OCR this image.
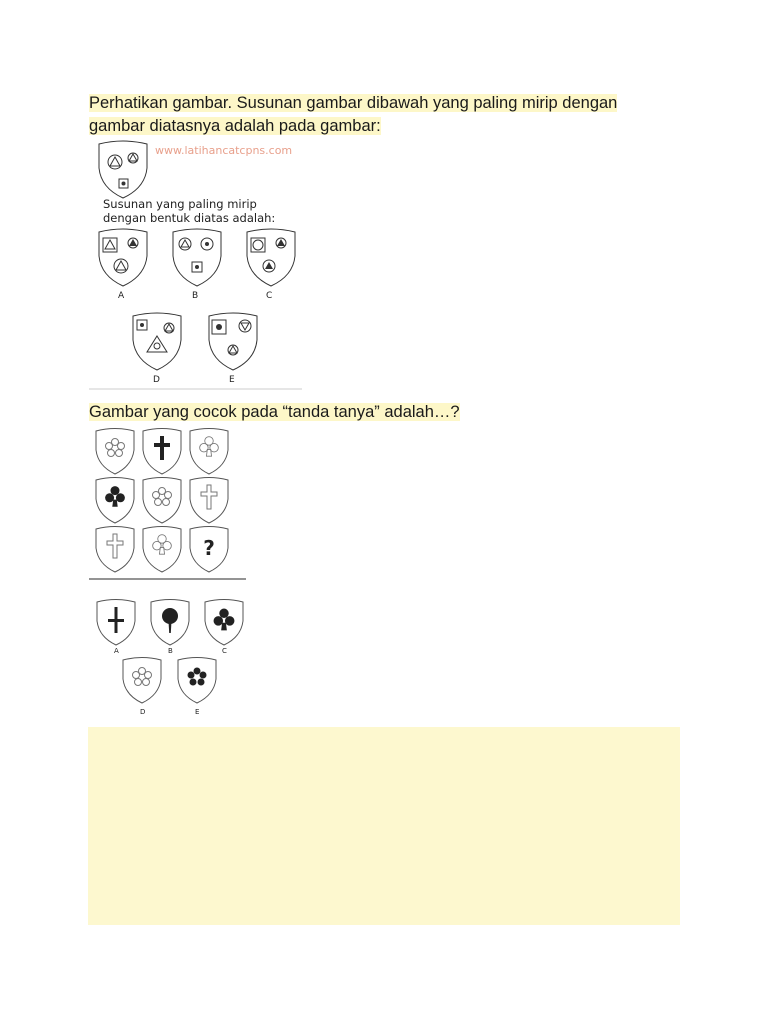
Perhatikan gambar. Susunan gambar dibawah yang paling mirip dengan gambar diatasnya adalah pada gambar:
www.latihancatcpns.com
Susunan yang paling mirip
dengan bentuk diatas adalah:
A	B	C
D	E
Gambar yang cocok pada “tanda tanya” adalah…?
?
A	B	C
D	E
